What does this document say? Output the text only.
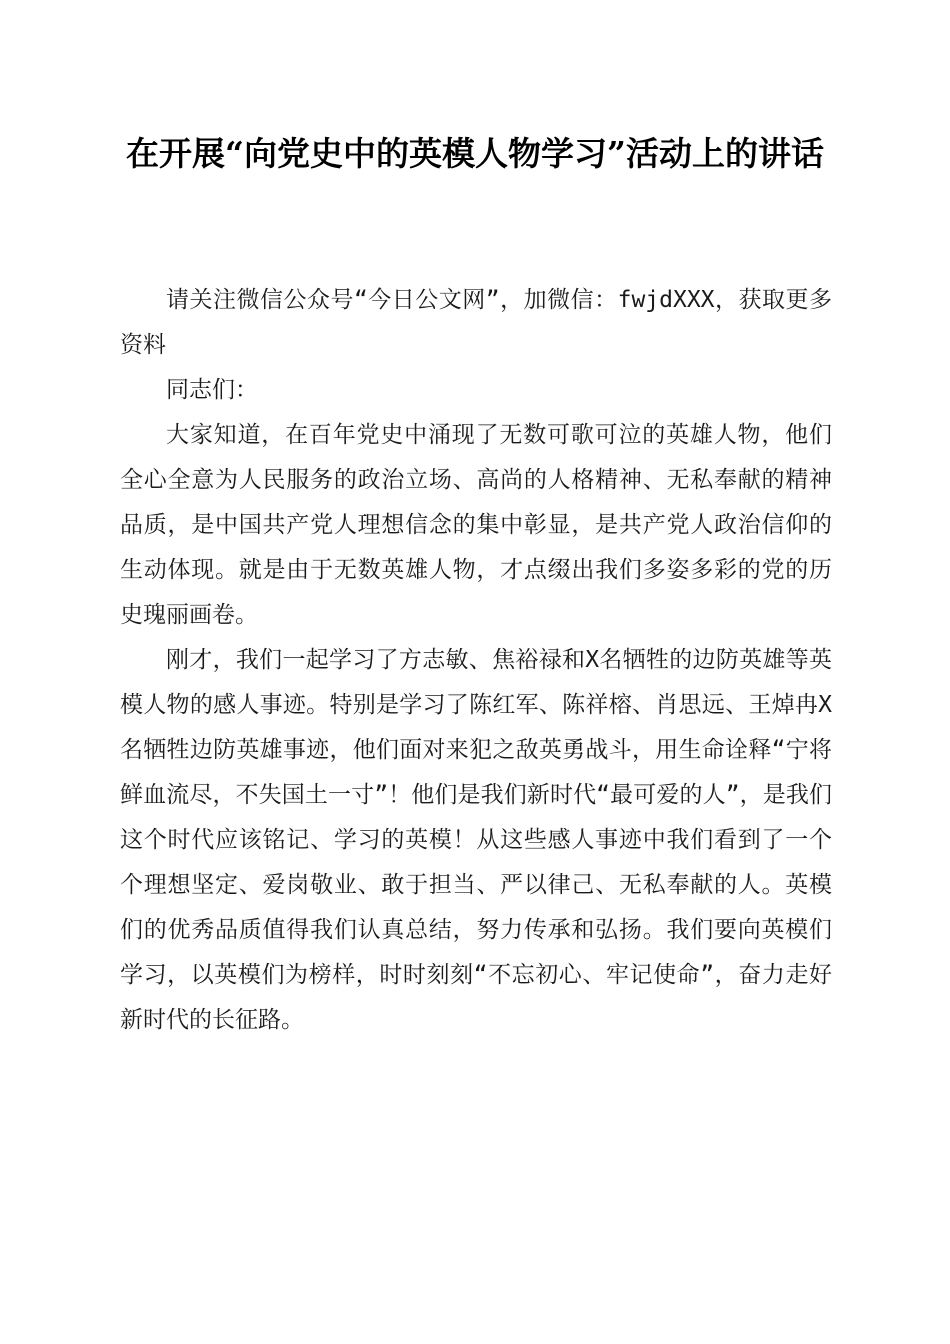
在开展“向党史中的英模人物学习”活动上的讲话

请关注微信公众号“今日公文网”，加微信：fwjdXXX，获取更多资料

同志们：

大家知道，在百年党史中涌现了无数可歌可泣的英雄人物，他们全心全意为人民服务的政治立场、高尚的人格精神、无私奉献的精神品质，是中国共产党人理想信念的集中彰显，是共产党人政治信仰的生动体现。就是由于无数英雄人物，才点缀出我们多姿多彩的党的历史瑰丽画卷。

刚才，我们一起学习了方志敏、焦裕禄和X名牺牲的边防英雄等英模人物的感人事迹。特别是学习了陈红军、陈祥榕、肖思远、王焯冉X名牺牲边防英雄事迹，他们面对来犯之敌英勇战斗，用生命诠释“宁将鲜血流尽，不失国土一寸”！他们是我们新时代“最可爱的人”，是我们这个时代应该铭记、学习的英模！从这些感人事迹中我们看到了一个个理想坚定、爱岗敬业、敢于担当、严以律己、无私奉献的人。英模们的优秀品质值得我们认真总结，努力传承和弘扬。我们要向英模们学习，以英模们为榜样，时时刻刻“不忘初心、牢记使命”，奋力走好新时代的长征路。
